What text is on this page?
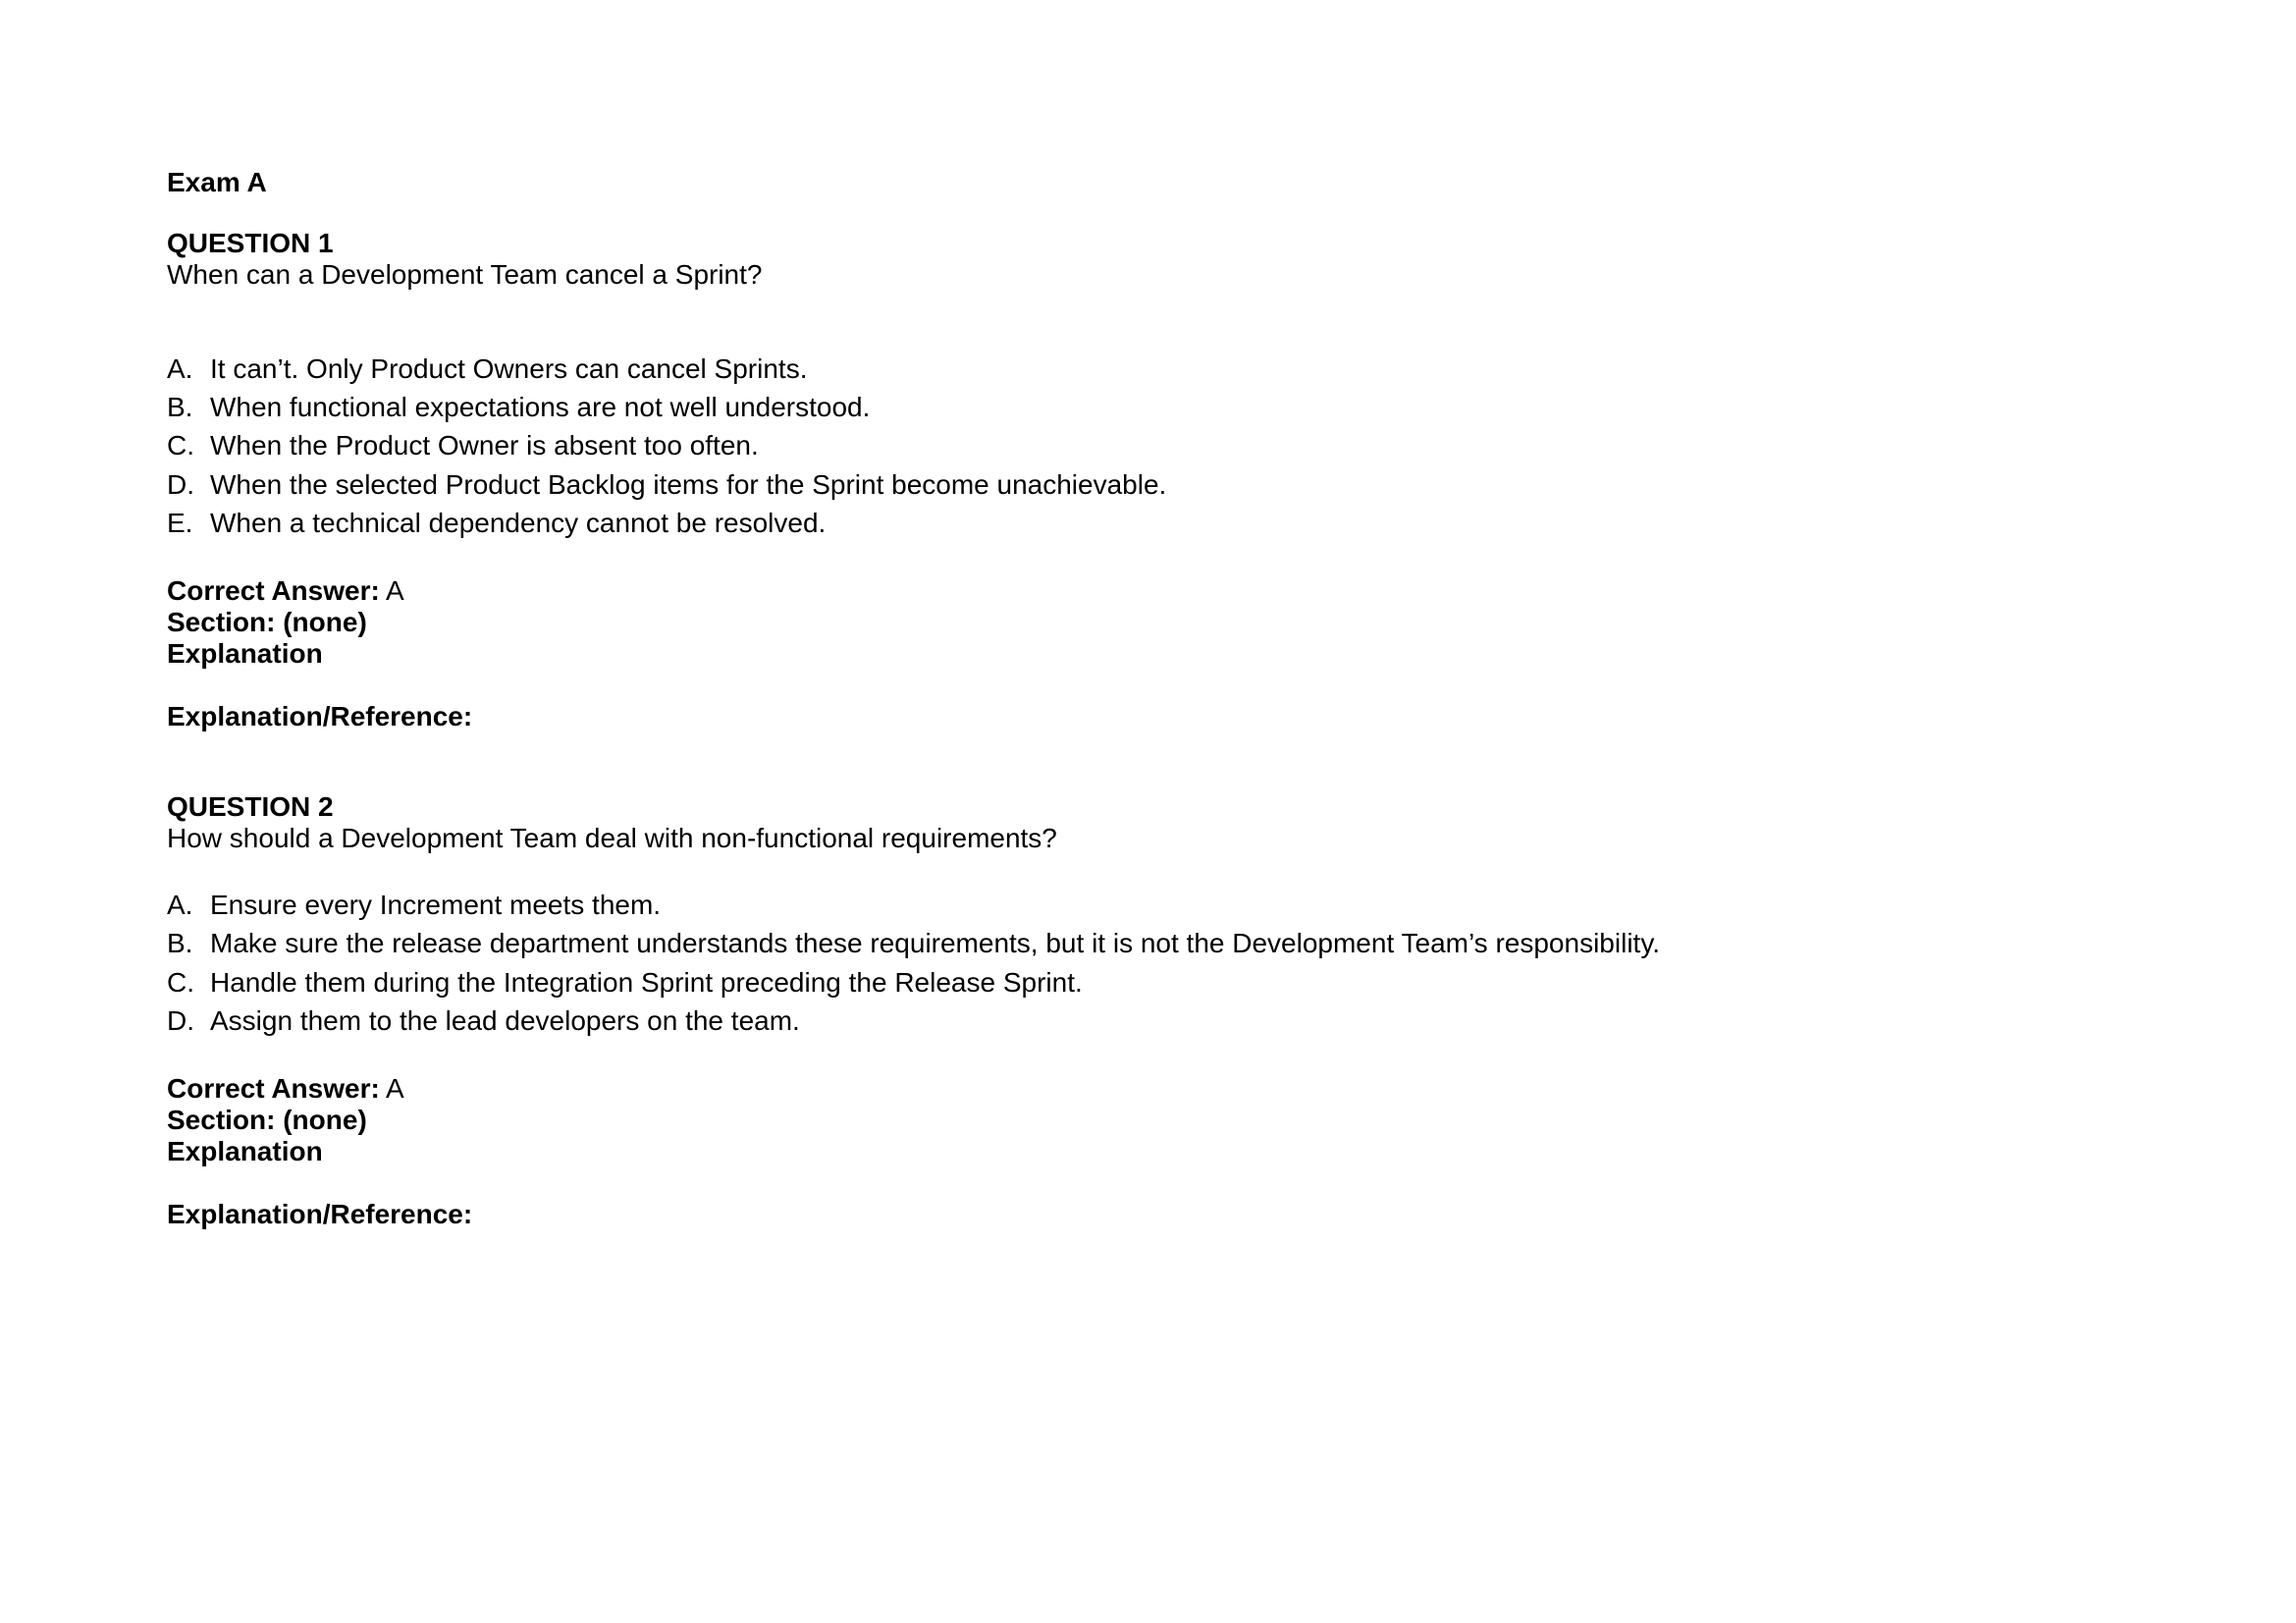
Exam A
QUESTION 1
When can a Development Team cancel a Sprint?
A. It can’t. Only Product Owners can cancel Sprints.
B. When functional expectations are not well understood.
C. When the Product Owner is absent too often.
D. When the selected Product Backlog items for the Sprint become unachievable.
E. When a technical dependency cannot be resolved.
Correct Answer: A
Section: (none)
Explanation
Explanation/Reference:
QUESTION 2
How should a Development Team deal with non-functional requirements?
A. Ensure every Increment meets them.
B. Make sure the release department understands these requirements, but it is not the Development Team’s responsibility.
C. Handle them during the Integration Sprint preceding the Release Sprint.
D. Assign them to the lead developers on the team.
Correct Answer: A
Section: (none)
Explanation
Explanation/Reference:
